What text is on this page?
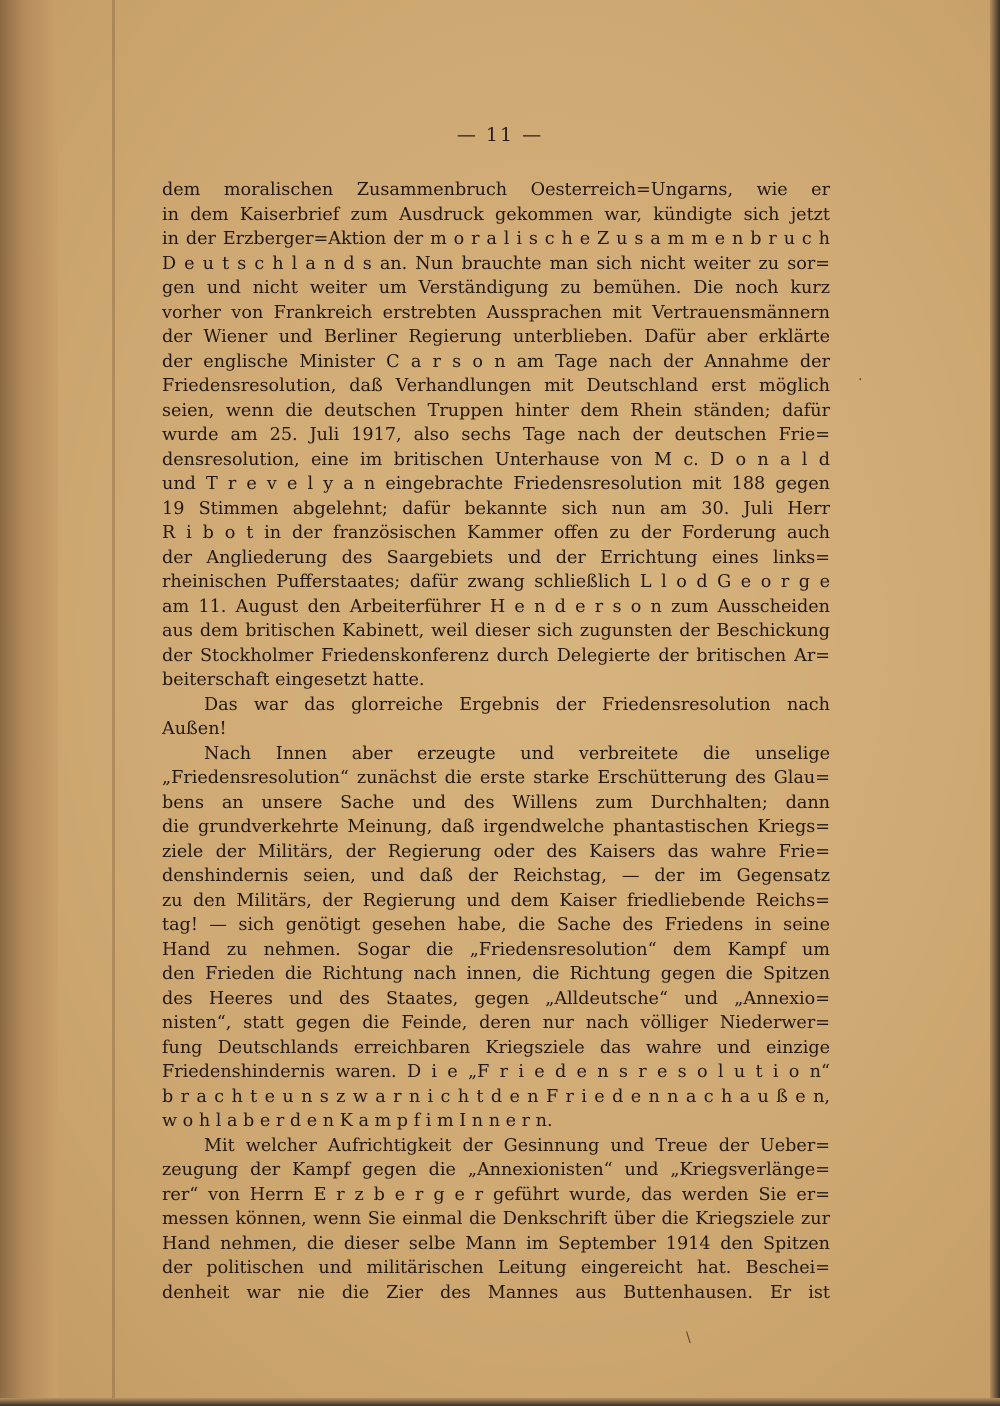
— 11 —
dem moralischen Zusammenbruch Oesterreich=Ungarns, wie er
in dem Kaiserbrief zum Ausdruck gekommen war, kündigte sich jetzt
in der Erzberger=Aktion der m o r a l i s c h e Z u s a m m e n b r u c h
D e u t s c h l a n d s an. Nun brauchte man sich nicht weiter zu sor=
gen und nicht weiter um Verständigung zu bemühen. Die noch kurz
vorher von Frankreich erstrebten Aussprachen mit Vertrauensmännern
der Wiener und Berliner Regierung unterblieben. Dafür aber erklärte
der englische Minister C a r s o n am Tage nach der Annahme der
Friedensresolution, daß Verhandlungen mit Deutschland erst möglich
seien, wenn die deutschen Truppen hinter dem Rhein ständen; dafür
wurde am 25. Juli 1917, also sechs Tage nach der deutschen Frie=
densresolution, eine im britischen Unterhause von M c. D o n a l d
und T r e v e l y a n eingebrachte Friedensresolution mit 188 gegen
19 Stimmen abgelehnt; dafür bekannte sich nun am 30. Juli Herr
R i b o t in der französischen Kammer offen zu der Forderung auch
der Angliederung des Saargebiets und der Errichtung eines links=
rheinischen Pufferstaates; dafür zwang schließlich L l o d G e o r g e
am 11. August den Arbeiterführer H e n d e r s o n zum Ausscheiden
aus dem britischen Kabinett, weil dieser sich zugunsten der Beschickung
der Stockholmer Friedenskonferenz durch Delegierte der britischen Ar=
beiterschaft eingesetzt hatte.
Das war das glorreiche Ergebnis der Friedensresolution nach
Außen!
Nach Innen aber erzeugte und verbreitete die unselige
„Friedensresolution“ zunächst die erste starke Erschütterung des Glau=
bens an unsere Sache und des Willens zum Durchhalten; dann
die grundverkehrte Meinung, daß irgendwelche phantastischen Kriegs=
ziele der Militärs, der Regierung oder des Kaisers das wahre Frie=
denshindernis seien, und daß der Reichstag, — der im Gegensatz
zu den Militärs, der Regierung und dem Kaiser friedliebende Reichs=
tag! — sich genötigt gesehen habe, die Sache des Friedens in seine
Hand zu nehmen. Sogar die „Friedensresolution“ dem Kampf um
den Frieden die Richtung nach innen, die Richtung gegen die Spitzen
des Heeres und des Staates, gegen „Alldeutsche“ und „Annexio=
nisten“, statt gegen die Feinde, deren nur nach völliger Niederwer=
fung Deutschlands erreichbaren Kriegsziele das wahre und einzige
Friedenshindernis waren. D i e „F r i e d e n s r e s o l u t i o n“
b r a c h t e u n s z w a r n i c h t d e n F r i e d e n n a c h a u ß e n,
w o h l a b e r d e n K a m p f i m I n n e r n.
Mit welcher Aufrichtigkeit der Gesinnung und Treue der Ueber=
zeugung der Kampf gegen die „Annexionisten“ und „Kriegsverlänge=
rer“ von Herrn E r z b e r g e r geführt wurde, das werden Sie er=
messen können, wenn Sie einmal die Denkschrift über die Kriegsziele zur
Hand nehmen, die dieser selbe Mann im September 1914 den Spitzen
der politischen und militärischen Leitung eingereicht hat. Beschei=
denheit war nie die Zier des Mannes aus Buttenhausen. Er ist
·
\
